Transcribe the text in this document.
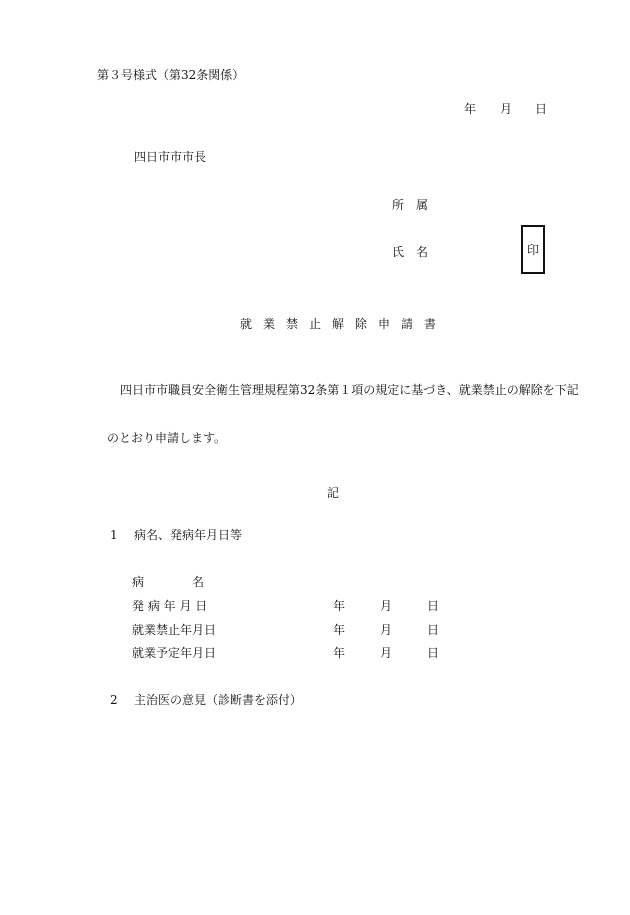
第３号様式（第32条関係）
年 月 日
四日市市市長
所　属
氏　名	印
就業禁止解除申請書
四日市市職員安全衛生管理規程第32条第１項の規定に基づき、就業禁止の解除を下記
のとおり申請します。
記
1 病名、発病年月日等
病　　　　名
発 病 年 月 日	年	月	日
就業禁止年月日	年	月	日
就業予定年月日	年	月	日
2 主治医の意見（診断書を添付）
